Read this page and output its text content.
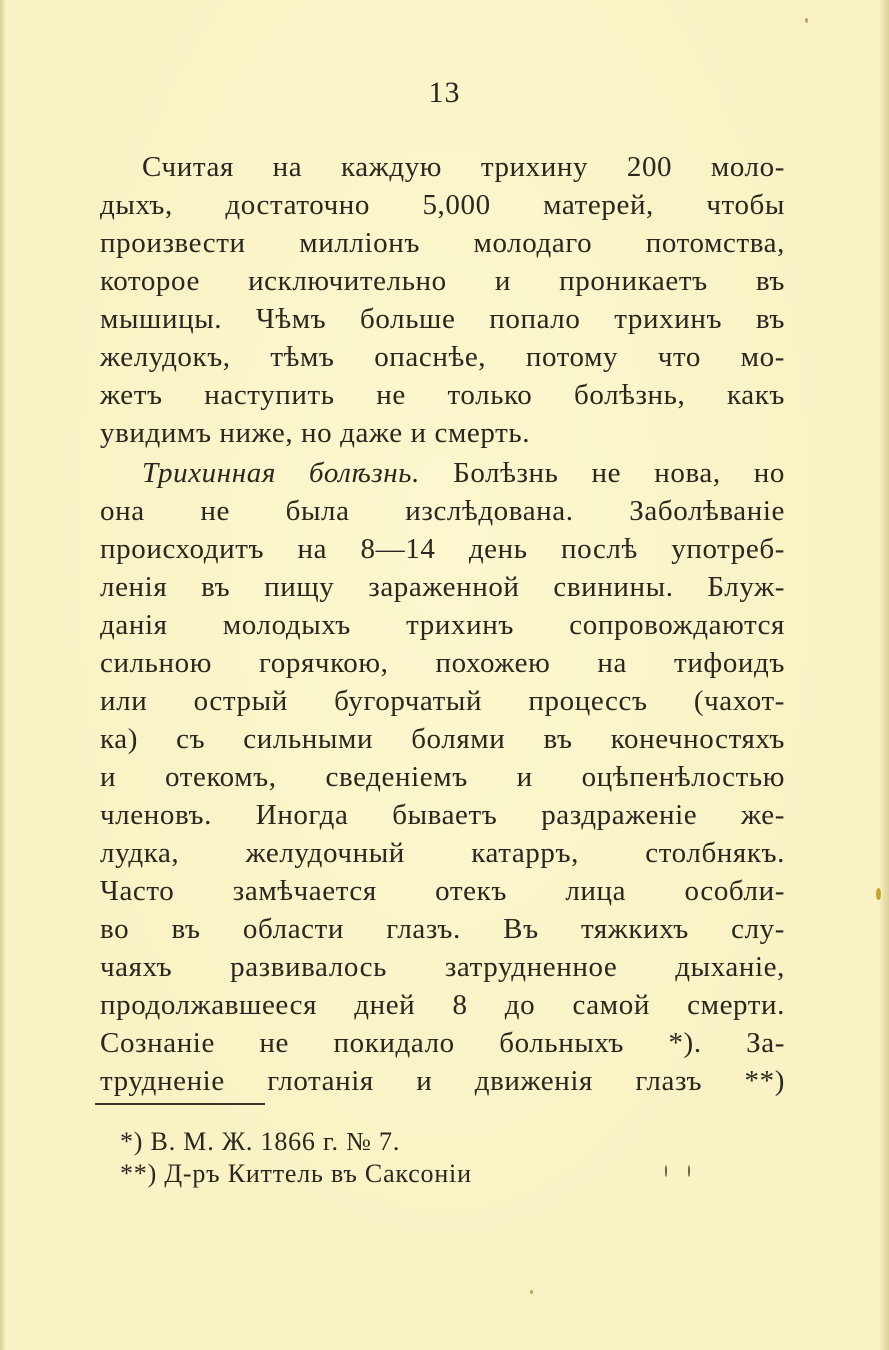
13
Считая на каждую трихину 200 моло-
дыхъ, достаточно 5,000 матерей, чтобы
произвести милліонъ молодаго потомства,
которое исключительно и проникаетъ въ
мышицы. Чѣмъ больше попало трихинъ въ
желудокъ, тѣмъ опаснѣе, потому что мо-
жетъ наступить не только болѣзнь, какъ
увидимъ ниже, но даже и смерть.
Трихинная болѣзнь. Болѣзнь не нова, но
она не была изслѣдована. Заболѣваніе
происходитъ на 8—14 день послѣ употреб-
ленія въ пищу зараженной свинины. Блуж-
данія молодыхъ трихинъ сопровождаются
сильною горячкою, похожею на тифоидъ
или острый бугорчатый процессъ (чахот-
ка) съ сильными болями въ конечностяхъ
и отекомъ, сведеніемъ и оцѣпенѣлостью
членовъ. Иногда бываетъ раздраженіе же-
лудка, желудочный катарръ, столбнякъ.
Часто замѣчается отекъ лица особли-
во въ области глазъ. Въ тяжкихъ слу-
чаяхъ развивалось затрудненное дыханіе,
продолжавшееся дней 8 до самой смерти.
Сознаніе не покидало больныхъ *). За-
трудненіе глотанія и движенія глазъ **)
*) В. М. Ж. 1866 г. № 7.
**) Д-ръ Киттель въ Саксоніи
